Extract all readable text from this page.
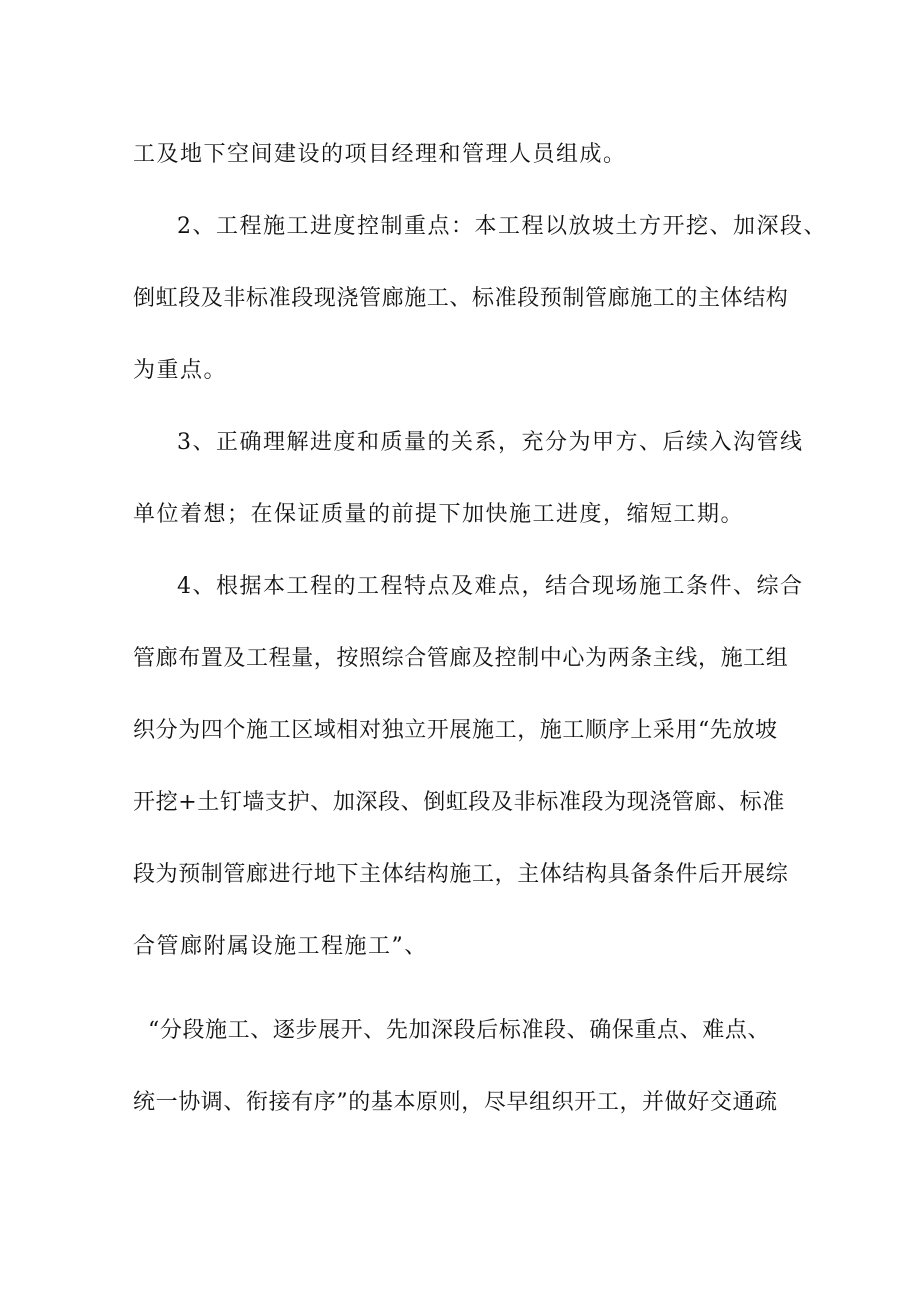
工及地下空间建设的项目经理和管理人员组成。
2、工程施工进度控制重点：本工程以放坡土方开挖、加深段、
倒虹段及非标准段现浇管廊施工、标准段预制管廊施工的主体结构
为重点。
3、正确理解进度和质量的关系，充分为甲方、后续入沟管线
单位着想；在保证质量的前提下加快施工进度，缩短工期。
4、根据本工程的工程特点及难点，结合现场施工条件、综合
管廊布置及工程量，按照综合管廊及控制中心为两条主线，施工组
织分为四个施工区域相对独立开展施工，施工顺序上采用“先放坡
开挖+土钉墙支护、加深段、倒虹段及非标准段为现浇管廊、标准
段为预制管廊进行地下主体结构施工，主体结构具备条件后开展综
合管廊附属设施工程施工”、
“分段施工、逐步展开、先加深段后标准段、确保重点、难点、
统一协调、衔接有序”的基本原则，尽早组织开工，并做好交通疏
